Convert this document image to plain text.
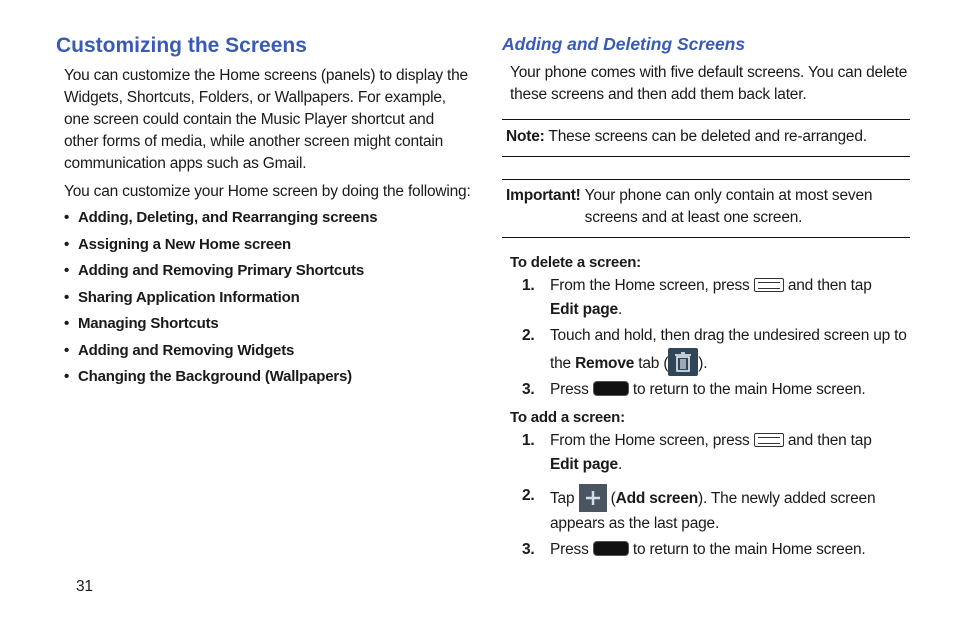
Customizing the Screens

You can customize the Home screens (panels) to display the Widgets, Shortcuts, Folders, or Wallpapers. For example, one screen could contain the Music Player shortcut and other forms of media, while another screen might contain communication apps such as Gmail.

You can customize your Home screen by doing the following:

• Adding, Deleting, and Rearranging screens
• Assigning a New Home screen
• Adding and Removing Primary Shortcuts
• Sharing Application Information
• Managing Shortcuts
• Adding and Removing Widgets
• Changing the Background (Wallpapers)
Adding and Deleting Screens

Your phone comes with five default screens. You can delete these screens and then add them back later.

Note: These screens can be deleted and re-arranged.
Important! Your phone can only contain at most seven screens and at least one screen.

To delete a screen:

1. From the Home screen, press  and then tap
Edit page.
2. Touch and hold, then drag the undesired screen up to the Remove tab ( ).
3. Press	to return to the main Home screen.

To add a screen:

1. From the Home screen, press  and then tap
Edit page.
2. Tap  (Add screen). The newly added screen appears as the last page.
3. Press	to return to the main Home screen.
31
